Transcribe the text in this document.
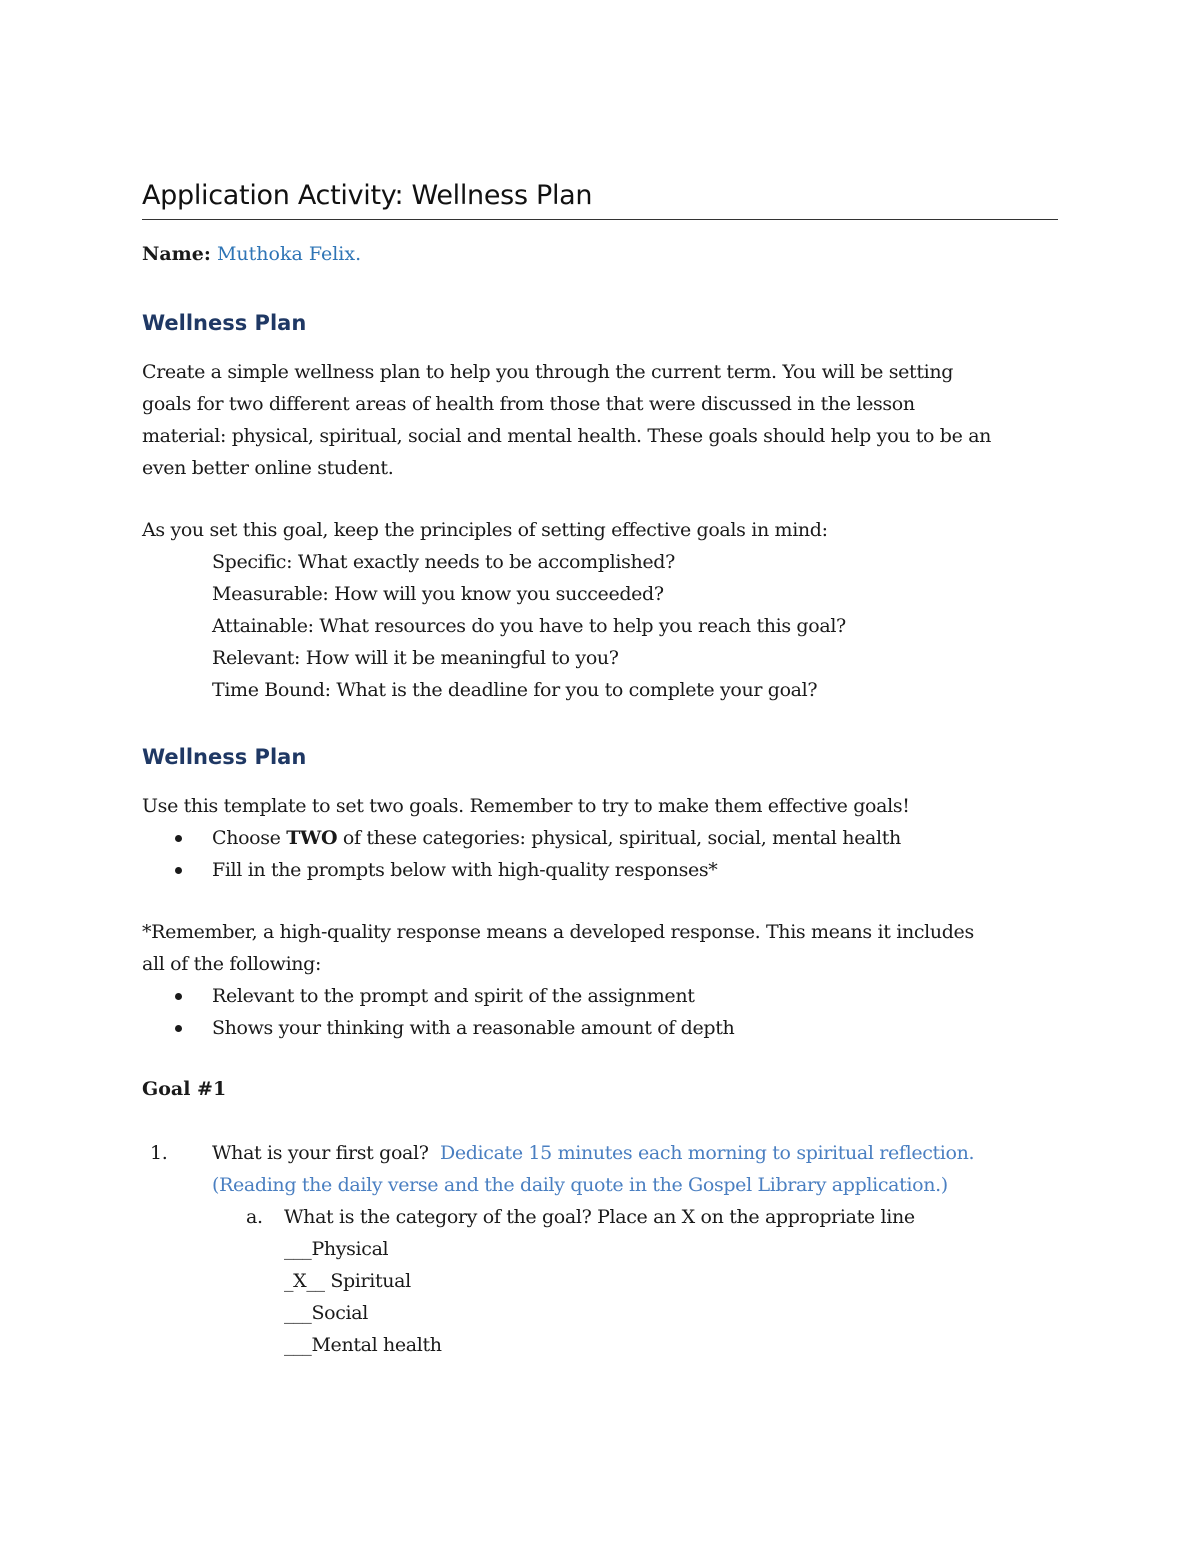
Application Activity: Wellness Plan
Name: Muthoka Felix.
Wellness Plan

Create a simple wellness plan to help you through the current term. You will be setting
goals for two different areas of health from those that were discussed in the lesson
material: physical, spiritual, social and mental health. These goals should help you to be an
even better online student.

As you set this goal, keep the principles of setting effective goals in mind:

Specific: What exactly needs to be accomplished?
Measurable: How will you know you succeeded?
Attainable: What resources do you have to help you reach this goal?
Relevant: How will it be meaningful to you?
Time Bound: What is the deadline for you to complete your goal?
Wellness Plan

Use this template to set two goals. Remember to try to make them effective goals!

Choose TWO of these categories: physical, spiritual, social, mental health
Fill in the prompts below with high-quality responses*

*Remember, a high-quality response means a developed response. This means it includes
all of the following:

Relevant to the prompt and spirit of the assignment
Shows your thinking with a reasonable amount of depth
Goal #1
1.	What is your first goal? Dedicate 15 minutes each morning to spiritual reflection.
(Reading the daily verse and the daily quote in the Gospel Library application.)
a. What is the category of the goal? Place an X on the appropriate line
___Physical
_X__ Spiritual
___Social
___Mental health
